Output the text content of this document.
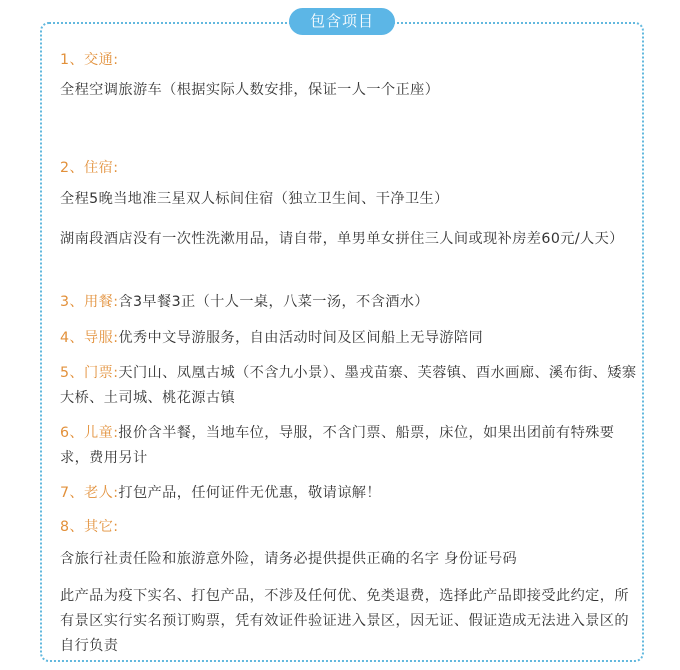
包含项目
1、交通:
全程空调旅游车（根据实际人数安排，保证一人一个正座）
2、住宿:
全程5晚当地准三星双人标间住宿（独立卫生间、干净卫生）
湖南段酒店没有一次性洗漱用品，请自带，单男单女拼住三人间或现补房差60元/人天）
3、用餐:含3早餐3正（十人一桌，八菜一汤，不含酒水）
4、导服:优秀中文导游服务，自由活动时间及区间船上无导游陪同
5、门票:天门山、凤凰古城（不含九小景）、墨戎苗寨、芙蓉镇、酉水画廊、溪布街、矮寨大桥、土司城、桃花源古镇
6、儿童:报价含半餐，当地车位，导服，不含门票、船票，床位，如果出团前有特殊要求，费用另计
7、老人:打包产品，任何证件无优惠，敬请谅解！
8、其它:
含旅行社责任险和旅游意外险，请务必提供提供正确的名字 身份证号码
此产品为疫下实名、打包产品，不涉及任何优、免类退费，选择此产品即接受此约定，所有景区实行实名预订购票，凭有效证件验证进入景区，因无证、假证造成无法进入景区的自行负责
